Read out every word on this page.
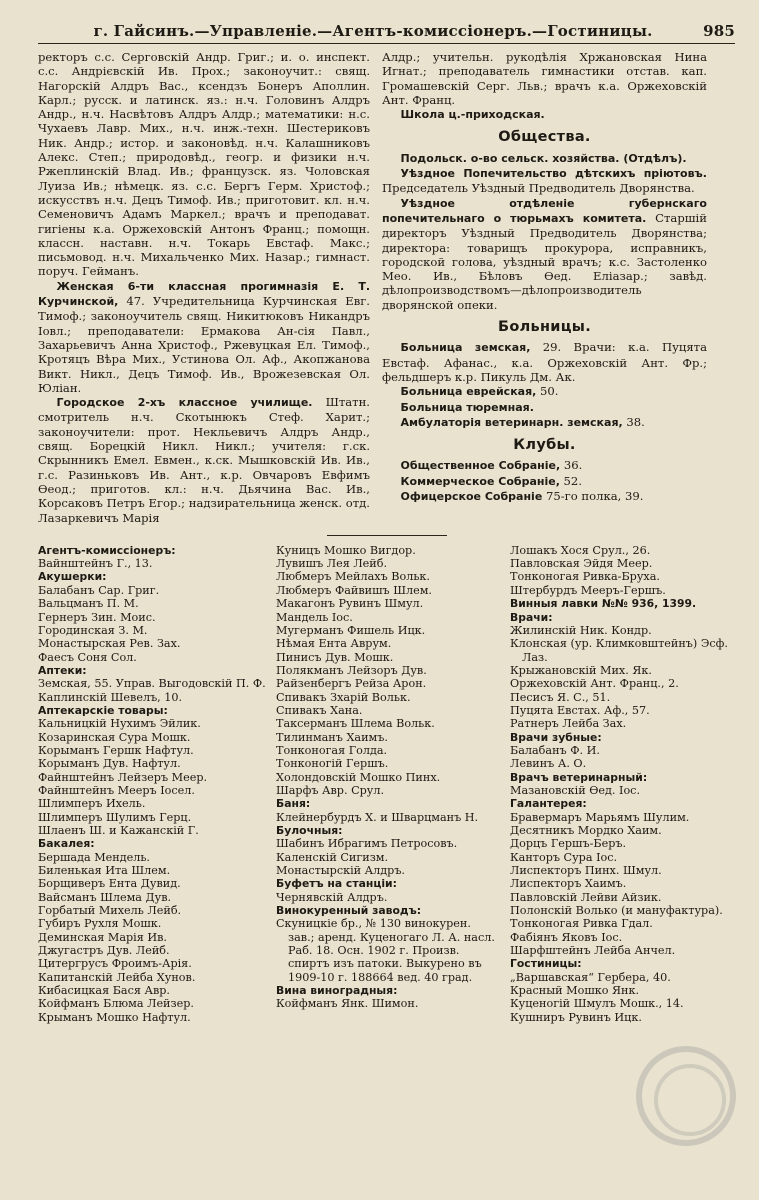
г. Гайсинъ.—Управленіе.—Агентъ-комиссіонеръ.—Гостиницы.	985

ректоръ с.с. Серговскій Андр. Григ.; и. о. инспект. с.с. Андрієвскій Ив. Прох.; законоучит.: свящ. Нагорскій Алдръ Вас., ксендзъ Бонеръ Аполлин. Карл.; русск. и латинск. яз.: н.ч. Головинъ Алдръ Андр., н.ч. Насвѣтовъ Алдръ Алдр.; математики: н.с. Чухаевъ Лавр. Мих., н.ч. инж.-техн. Шестериковъ Ник. Андр.; истор. и законовѣд. н.ч. Калашниковъ Алекс. Степ.; природовѣд., геогр. и физики н.ч. Ржеплинскій Влад. Ив.; французск. яз. Чоловская Луиза Ив.; нѣмецк. яз. с.с. Бергъ Герм. Христоф.; искусствъ н.ч. Децъ Тимоф. Ив.; приготовит. кл. н.ч. Семеновичъ Адамъ Маркел.; врачъ и преподават. гигіены к.а. Оржеховскій Антонъ Франц.; помощн. классн. наставн. н.ч. Токарь Евстаф. Макс.; письмовод. н.ч. Михальченко Мих. Назар.; гимнаст. поруч. Гейманъ.

Женская 6-ти классная прогимназія Е. Т. Курчинской, 47. Учредительница Курчинская Евг. Тимоф.; законоучитель свящ. Никитюковъ Никандръ Іовл.; преподаватели: Ермакова Ан-сія Павл., Захарьевичъ Анна Христоф., Ржевуцкая Ел. Тимоф., Кротяцъ Вѣра Мих., Устинова Ол. Аф., Акопжанова Викт. Никл., Децъ Тимоф. Ив., Врожезевская Ол. Юліан.

Городское 2-хъ классное училище. Штатн. смотритель н.ч. Скотынюкъ Стеф. Харит.; законоучители: прот. Некльевичъ Алдръ Андр., свящ. Борецкій Никл. Никл.; учителя: г.ск. Скрынникъ Емел. Евмен., к.ск. Мышковскій Ив. Ив., г.с. Разиньковъ Ив. Ант., к.р. Овчаровъ Евфимъ Ѳеод.; приготов. кл.: н.ч. Дьячина Вас. Ив., Корсаковъ Петръ Егор.; надзирательница женск. отд. Лазаркевичъ Марія

Алдр.; учительн. рукодѣлія Хржановская Нина Игнат.; преподаватель гимнастики отстав. кап. Громашевскій Серг. Льв.; врачъ к.а. Оржеховскій Ант. Франц.

Школа ц.-приходская.

Общества.

Подольск. о-во сельск. хозяйства. (Отдѣлъ).

Уѣздное Попечительство дѣтскихъ пріютовъ. Председатель Уѣздный Предводитель Дворянства.

Уѣздное отдѣленіе губернскаго попечительнаго о тюрьмахъ комитета. Старшій директоръ Уѣздный Предводитель Дворянства; директора: товарищъ прокурора, исправникъ, городской голова, уѣздный врачъ; к.с. Застоленко Мео. Ив., Бѣловъ Ѳед. Еліазар.; завѣд. дѣлопроизводствомъ—дѣлопроизводитель дворянской опеки.

Больницы.

Больница земская, 29. Врачи: к.а. Пуцята Евстаф. Афанас., к.а. Оржеховскій Ант. Фр.; фельдшеръ к.р. Пикуль Дм. Ак.

Больница еврейская, 50.

Больница тюремная.

Амбулаторія ветеринарн. земская, 38.

Клубы.

Общественное Собраніе, 36.

Коммерческое Собраніе, 52.

Офицерское Собраніе 75-го полка, 39.

Агентъ-комиссіонеръ:
Вайнштейнъ Г., 13.
Акушерки:
Балабанъ Сар. Григ.
Вальцманъ П. М.
Гернеръ Зин. Моис.
Городинская З. М.
Монастырская Рев. Зах.
Фаесъ Соня Сол.
Аптеки:
Земская, 55. Управ. Выгодовскій П. Ф.
Каплинскій Шевелъ, 10.
Аптекарскіе товары:
Кальницкій Нухимъ Эйлик.
Козаринская Сура Мошк.
Корыманъ Гершк Нафтул.
Корыманъ Дув. Нафтул.
Файнштейнъ Лейзеръ Меер.
Файнштейнъ Мееръ Іосел.
Шлимперъ Ихель.
Шлимперъ Шулимъ Герц.
Шлаенъ Ш. и Кажанскій Г.
Бакалея:
Бершада Мендель.
Биленькая Ита Шлем.
Борщиверъ Ента Дувид.
Вайсманъ Шлема Дув.
Горбатый Михель Лейб.
Губиръ Рухля Мошк.
Деминская Марія Ив.
Джугастръ Дув. Лейб.
Цитергрусъ Фроимъ-Арія.
Капитанскій Лейба Хунов.
Кибасицкая Бася Авр.
Койфманъ Блюма Лейзер.
Крыманъ Мошко Нафтул.
Куницъ Мошко Вигдор.
Лувишъ Лея Лейб.
Любмеръ Мейлахъ Вольк.
Любмеръ Файвишъ Шлем.
Макагонъ Рувинъ Шмул.
Мандель Іос.
Мугерманъ Фишель Ицк.
Нѣмая Ента Аврум.
Пинисъ Дув. Мошк.
Полякманъ Лейзоръ Дув.
Райзенбергъ Рейза Арон.
Спивакъ Зхарій Вольк.
Спивакъ Хана.
Таксерманъ Шлема Вольк.
Тилинманъ Хаимъ.
Тонконогая Голда.
Тонконогій Гершъ.
Холондовскій Мошко Пинх.
Шарфъ Авр. Срул.
Баня:
Клейнербурдъ Х. и Шварцманъ Н.
Булочныя:
Шабинъ Ибрагимъ Петросовъ.
Каленскій Сигизм.
Монастырскій Алдръ.
Буфетъ на станціи:
Чернявскій Алдръ.
Винокуренный заводъ:
Скуницкіе бр., № 130 винокурен. зав.; аренд. Куценогаго Л. А. насл. Раб. 18. Осн. 1902 г. Произв. спиртъ изъ патоки. Выкурено въ 1909-10 г. 188664 вед. 40 град.
Вина виноградныя:
Койфманъ Янк. Шимон.
Лошакъ Хося Срул., 26.
Павловская Эйдя Меер.
Тонконогая Ривка-Бруха.
Штербурдъ Мееръ-Гершъ.
Винныя лавки №№ 936, 1399.
Врачи:
Жилинскій Ник. Кондр.
Клонская (ур. Климковштейнъ) Эсф. Лаз.
Крыжановскій Мих. Як.
Оржеховскій Ант. Франц., 2.
Песисъ Я. С., 51.
Пуцята Евстах. Аф., 57.
Ратнеръ Лейба Зах.
Врачи зубные:
Балабанъ Ф. И.
Левинъ А. О.
Врачъ ветеринарный:
Мазановскій Ѳед. Іос.
Галантерея:
Бравермаръ Марьямъ Шулим.
Десятникъ Мордко Хаим.
Дорцъ Гершъ-Беръ.
Канторъ Сура Іос.
Лиспекторъ Пинх. Шмул.
Лиспекторъ Хаимъ.
Павловскій Лейви Айзик.
Полонскій Волько (и мануфактура).
Тонконогая Ривка Гдал.
Фабіянъ Яковъ Іос.
Шарфштейнъ Лейба Анчел.
Гостиницы:
„Варшавская“ Гербера, 40.
Красный Мошко Янк.
Куценогій Шмулъ Мошк., 14.
Кушниръ Рувинъ Ицк.
